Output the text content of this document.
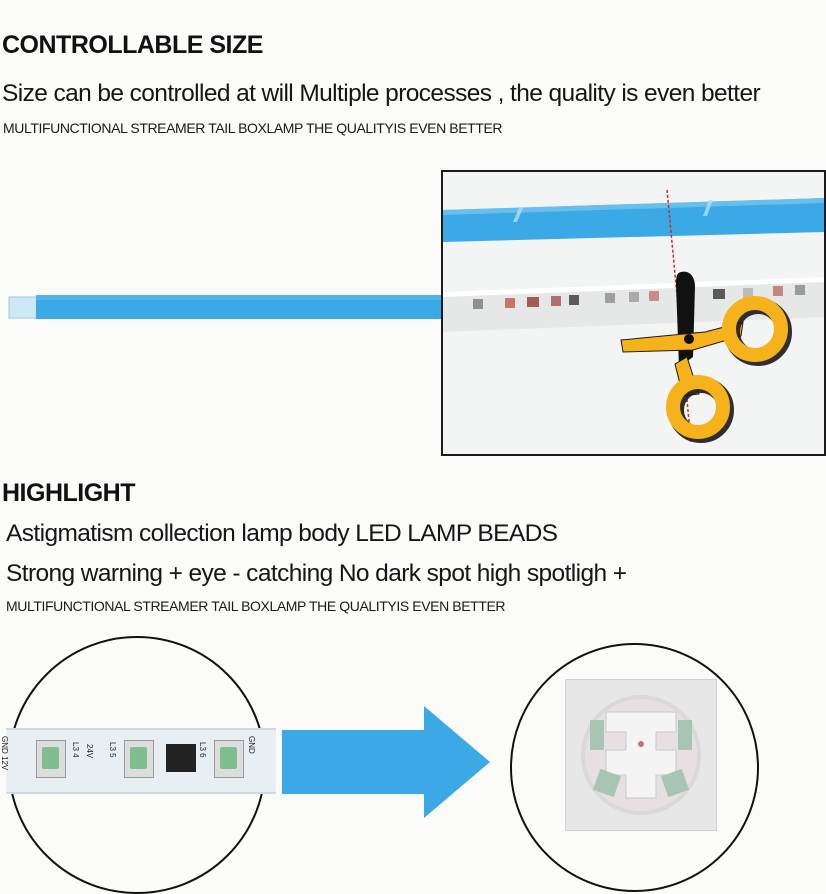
CONTROLLABLE SIZE
Size can be controlled at will Multiple processes , the quality is even better
MULTIFUNCTIONAL STREAMER TAIL BOXLAMP THE QUALITYIS EVEN BETTER
HIGHLIGHT
Astigmatism collection lamp body LED LAMP BEADS
Strong warning + eye - catching No dark spot high spotligh +
MULTIFUNCTIONAL STREAMER TAIL BOXLAMP THE QUALITYIS EVEN BETTER
GND 12V	L3 4 24V L3 5	L3 6	GND
